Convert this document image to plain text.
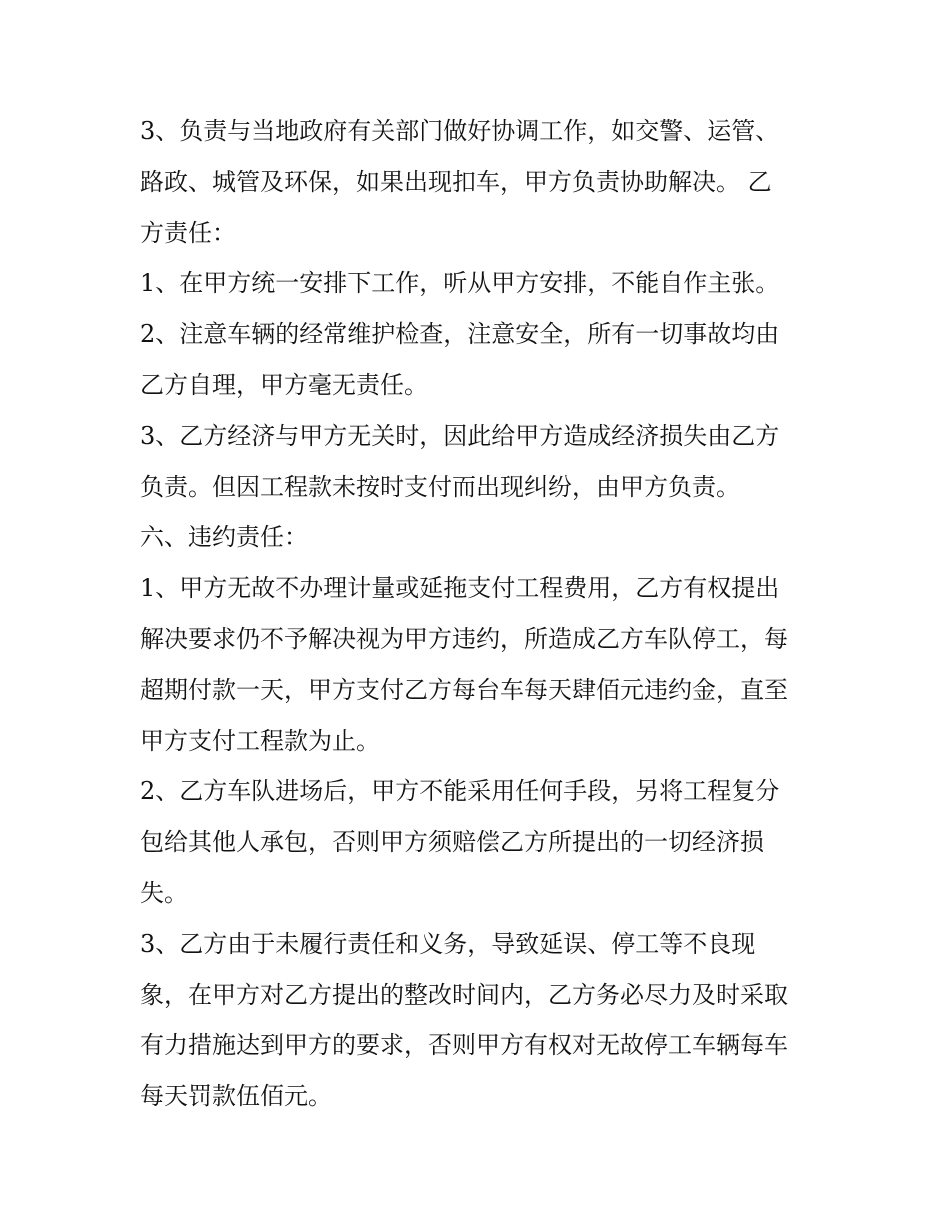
3、负责与当地政府有关部门做好协调工作，如交警、运管、
路政、城管及环保，如果出现扣车，甲方负责协助解决。 乙
方责任：
1、在甲方统一安排下工作，听从甲方安排，不能自作主张。
2、注意车辆的经常维护检查，注意安全，所有一切事故均由
乙方自理，甲方毫无责任。
3、乙方经济与甲方无关时，因此给甲方造成经济损失由乙方
负责。但因工程款未按时支付而出现纠纷，由甲方负责。
六、违约责任：
1、甲方无故不办理计量或延拖支付工程费用，乙方有权提出
解决要求仍不予解决视为甲方违约，所造成乙方车队停工，每
超期付款一天，甲方支付乙方每台车每天肆佰元违约金，直至
甲方支付工程款为止。
2、乙方车队进场后，甲方不能采用任何手段，另将工程复分
包给其他人承包，否则甲方须赔偿乙方所提出的一切经济损
失。
3、乙方由于未履行责任和义务，导致延误、停工等不良现
象，在甲方对乙方提出的整改时间内，乙方务必尽力及时采取
有力措施达到甲方的要求，否则甲方有权对无故停工车辆每车
每天罚款伍佰元。
